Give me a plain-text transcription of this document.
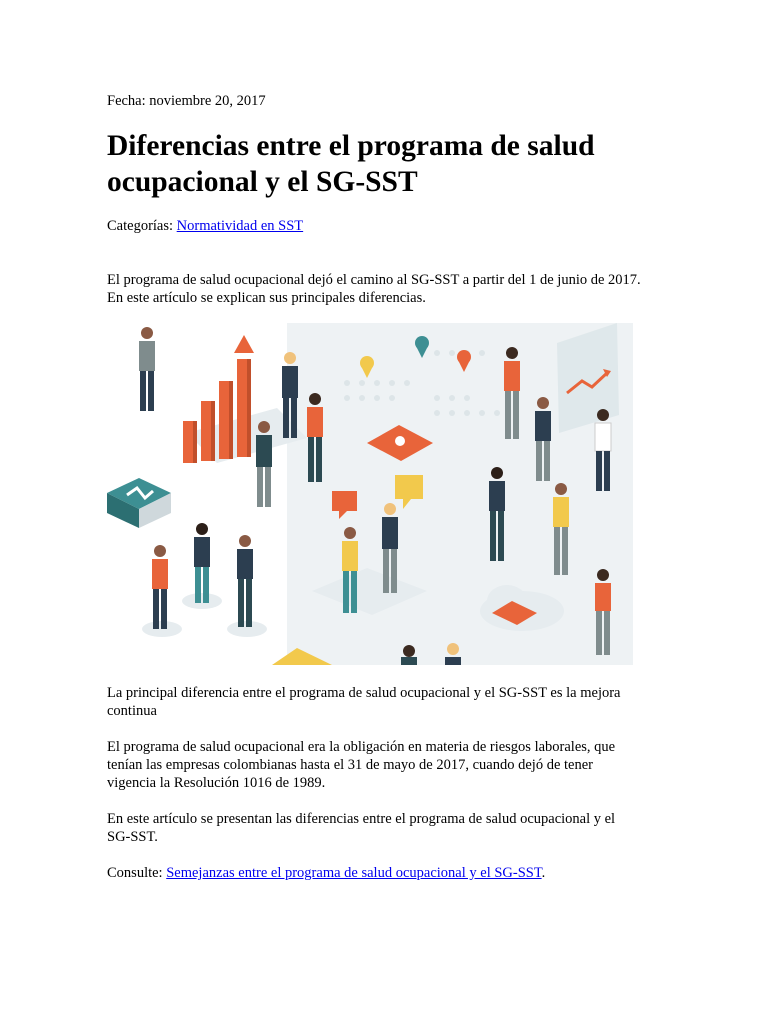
Fecha: noviembre 20, 2017
Diferencias entre el programa de salud
ocupacional y el SG-SST
Categorías: Normatividad en SST

El programa de salud ocupacional dejó el camino al SG-SST a partir del 1 de junio de 2017.
En este artículo se explican sus principales diferencias.

La principal diferencia entre el programa de salud ocupacional y el SG-SST es la mejora
continua

El programa de salud ocupacional era la obligación en materia de riesgos laborales, que
tenían las empresas colombianas hasta el 31 de mayo de 2017, cuando dejó de tener
vigencia la Resolución 1016 de 1989.

En este artículo se presentan las diferencias entre el programa de salud ocupacional y el
SG-SST.

Consulte: Semejanzas entre el programa de salud ocupacional y el SG-SST.
